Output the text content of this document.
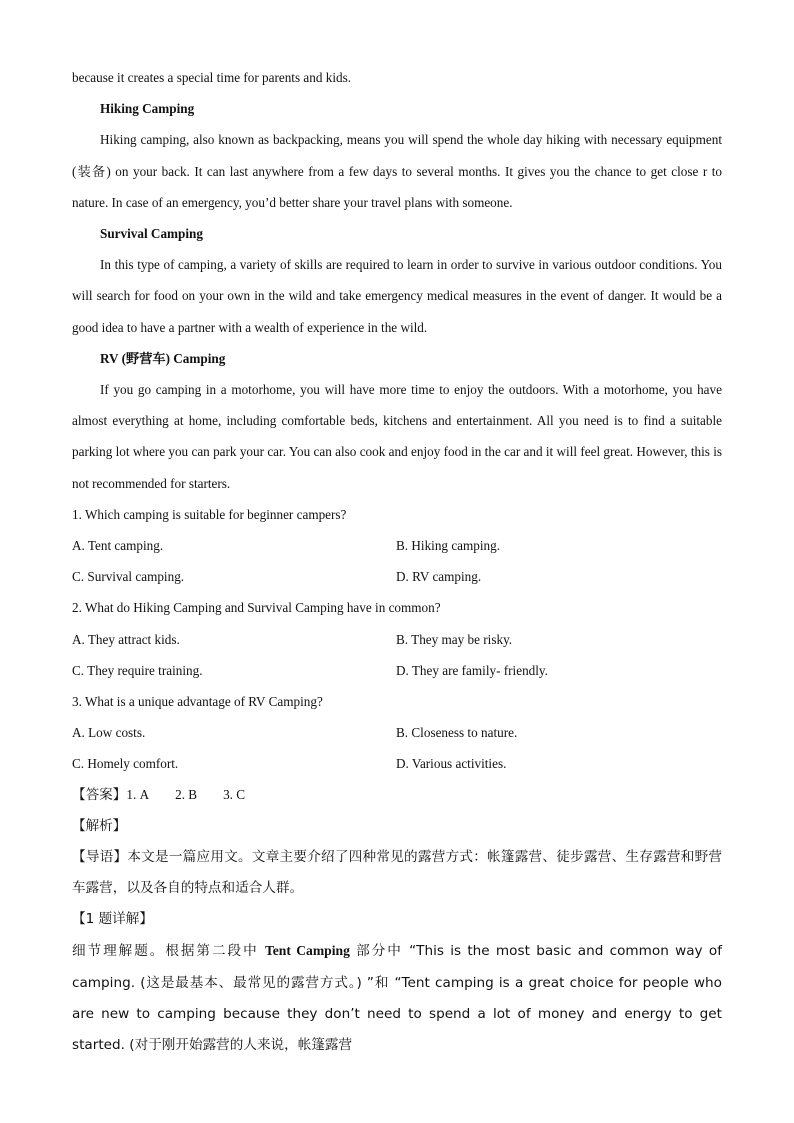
because it creates a special time for parents and kids.
Hiking Camping
Hiking camping, also known as backpacking, means you will spend the whole day hiking with necessary equipment (装备) on your back. It can last anywhere from a few days to several months. It gives you the chance to get close r to nature. In case of an emergency, you’d better share your travel plans with someone.
Survival Camping
In this type of camping, a variety of skills are required to learn in order to survive in various outdoor conditions. You will search for food on your own in the wild and take emergency medical measures in the event of danger. It would be a good idea to have a partner with a wealth of experience in the wild.
RV (野营车) Camping
If you go camping in a motorhome, you will have more time to enjoy the outdoors. With a motorhome, you have almost everything at home, including comfortable beds, kitchens and entertainment. All you need is to find a suitable parking lot where you can park your car. You can also cook and enjoy food in the car and it will feel great. However, this is not recommended for starters.
1. Which camping is suitable for beginner campers?
A. Tent camping.	B. Hiking camping.
C. Survival camping.	D. RV camping.
2. What do Hiking Camping and Survival Camping have in common?
A. They attract kids.	B. They may be risky.
C. They require training.	D. They are family- friendly.
3. What is a unique advantage of RV Camping?
A. Low costs.	B. Closeness to nature.
C. Homely comfort.	D. Various activities.
【答案】1. A 2. B 3. C
【解析】
【导语】本文是一篇应用文。文章主要介绍了四种常见的露营方式：帐篷露营、徒步露营、生存露营和野营车露营，以及各自的特点和适合人群。
【1 题详解】
细节理解题。根据第二段中 Tent Camping 部分中 “This is the most basic and common way of camping. (这是最基本、最常见的露营方式。) ”和 “Tent camping is a great choice for people who are new to camping because they don’t need to spend a lot of money and energy to get started. (对于刚开始露营的人来说，帐篷露营
